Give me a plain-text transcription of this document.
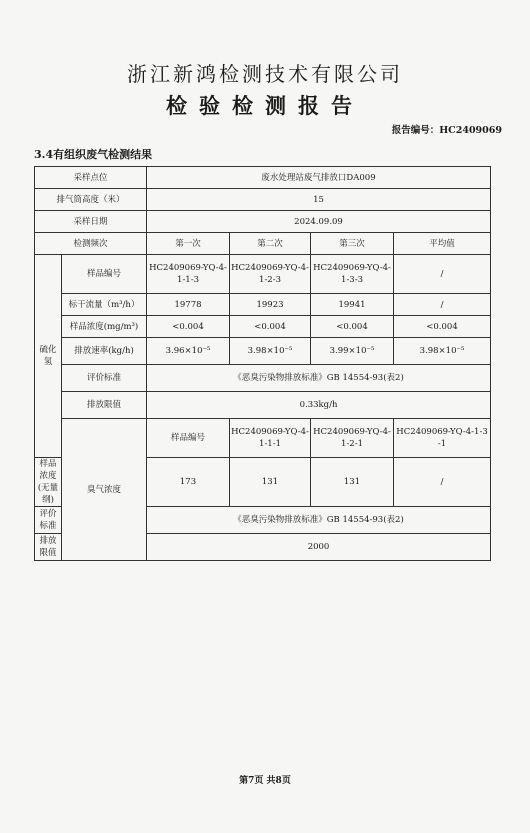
浙江新鸿检测技术有限公司
检验检测报告
报告编号：HC2409069
3.4有组织废气检测结果
采样点位		废水处理站废气排放口DA009				
排气筒高度（米）		15				
采样日期		2024.09.09				
检测频次		第一次	第二次	第三次	平均值	
硫化氢	样品编号	HC2409069-YQ-4-1-1-3	HC2409069-YQ-4-1-2-3	HC2409069-YQ-4-1-3-3	/	
	标干流量（m³/h）	19778	19923	19941	/	
	样品浓度(mg/m³)	<0.004	<0.004	<0.004	<0.004	
	排放速率(kg/h)	3.96×10⁻⁵	3.98×10⁻⁵	3.99×10⁻⁵	3.98×10⁻⁵	
	评价标准	《恶臭污染物排放标准》GB 14554-93(表2)				
	排放限值	0.33kg/h				
	臭气浓度	样品编号	HC2409069-YQ-4-1-1-1	HC2409069-YQ-4-1-2-1	HC2409069-YQ-4-1-3-1	
样品浓度(无量纲)		173	131	131	/	
评价标准		《恶臭污染物排放标准》GB 14554-93(表2)				
排放限值		2000				
第7页 共8页
